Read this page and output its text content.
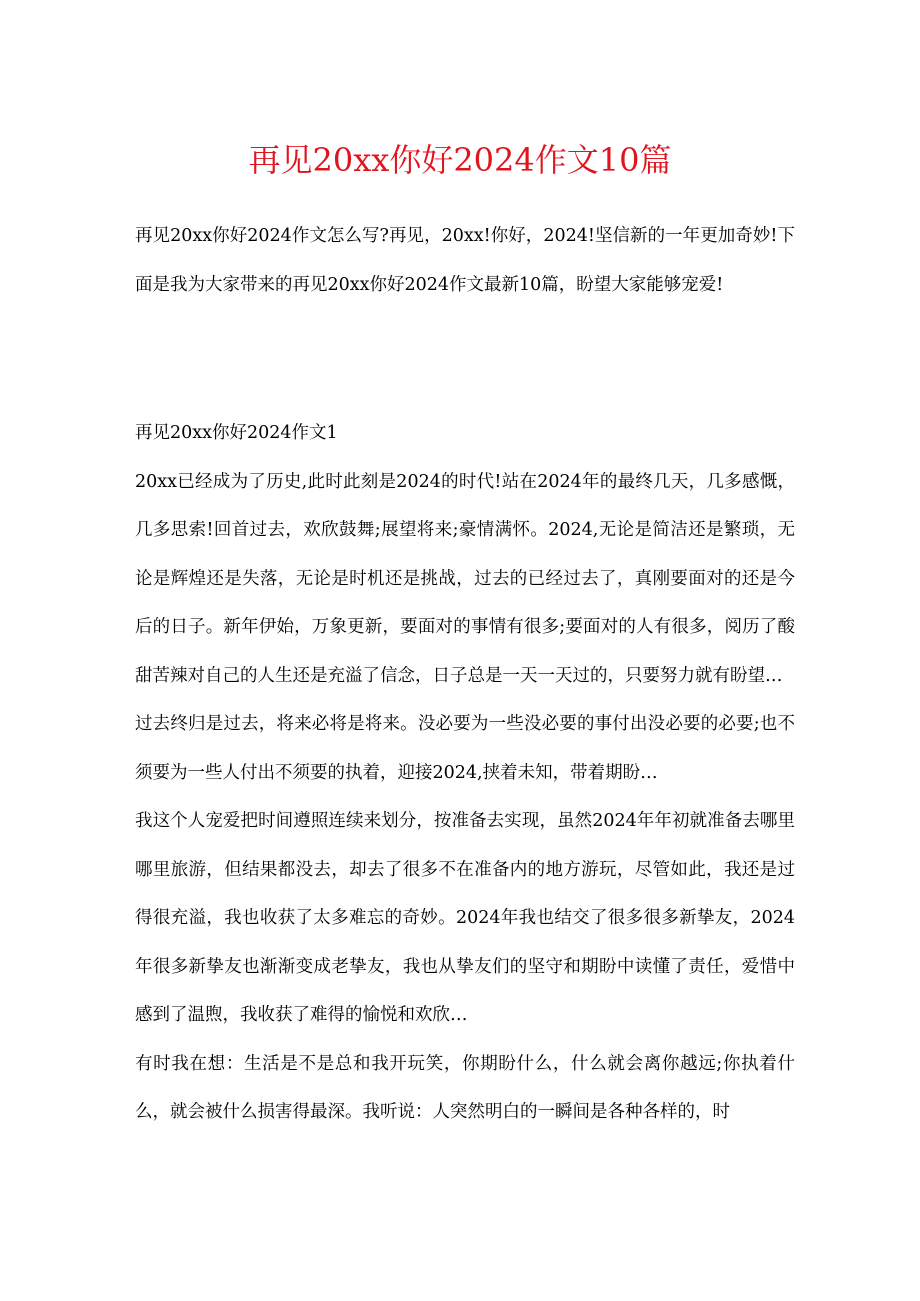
再见20xx你好2024作文10篇

再见20xx你好2024作文怎么写?再见，20xx!你好，2024!坚信新的一年更加奇妙!下面是我为大家带来的再见20xx你好2024作文最新10篇，盼望大家能够宠爱!

再见20xx你好2024作文1

20xx已经成为了历史,此时此刻是2024的时代!站在2024年的最终几天，几多感慨，几多思索!回首过去，欢欣鼓舞;展望将来;豪情满怀。2024,无论是简洁还是繁琐，无论是辉煌还是失落，无论是时机还是挑战，过去的已经过去了，真刚要面对的还是今后的日子。新年伊始，万象更新，要面对的事情有很多;要面对的人有很多，阅历了酸甜苦辣对自己的人生还是充溢了信念，日子总是一天一天过的，只要努力就有盼望…

过去终归是过去，将来必将是将来。没必要为一些没必要的事付出没必要的必要;也不须要为一些人付出不须要的执着，迎接2024,挟着未知，带着期盼…

我这个人宠爱把时间遵照连续来划分，按准备去实现，虽然2024年年初就准备去哪里哪里旅游，但结果都没去，却去了很多不在准备内的地方游玩，尽管如此，我还是过得很充溢，我也收获了太多难忘的奇妙。2024年我也结交了很多很多新挚友，2024年很多新挚友也渐渐变成老挚友，我也从挚友们的坚守和期盼中读懂了责任，爱惜中感到了温煦，我收获了难得的愉悦和欢欣…

有时我在想：生活是不是总和我开玩笑，你期盼什么，什么就会离你越远;你执着什么，就会被什么损害得最深。我听说：人突然明白的一瞬间是各种各样的，时
